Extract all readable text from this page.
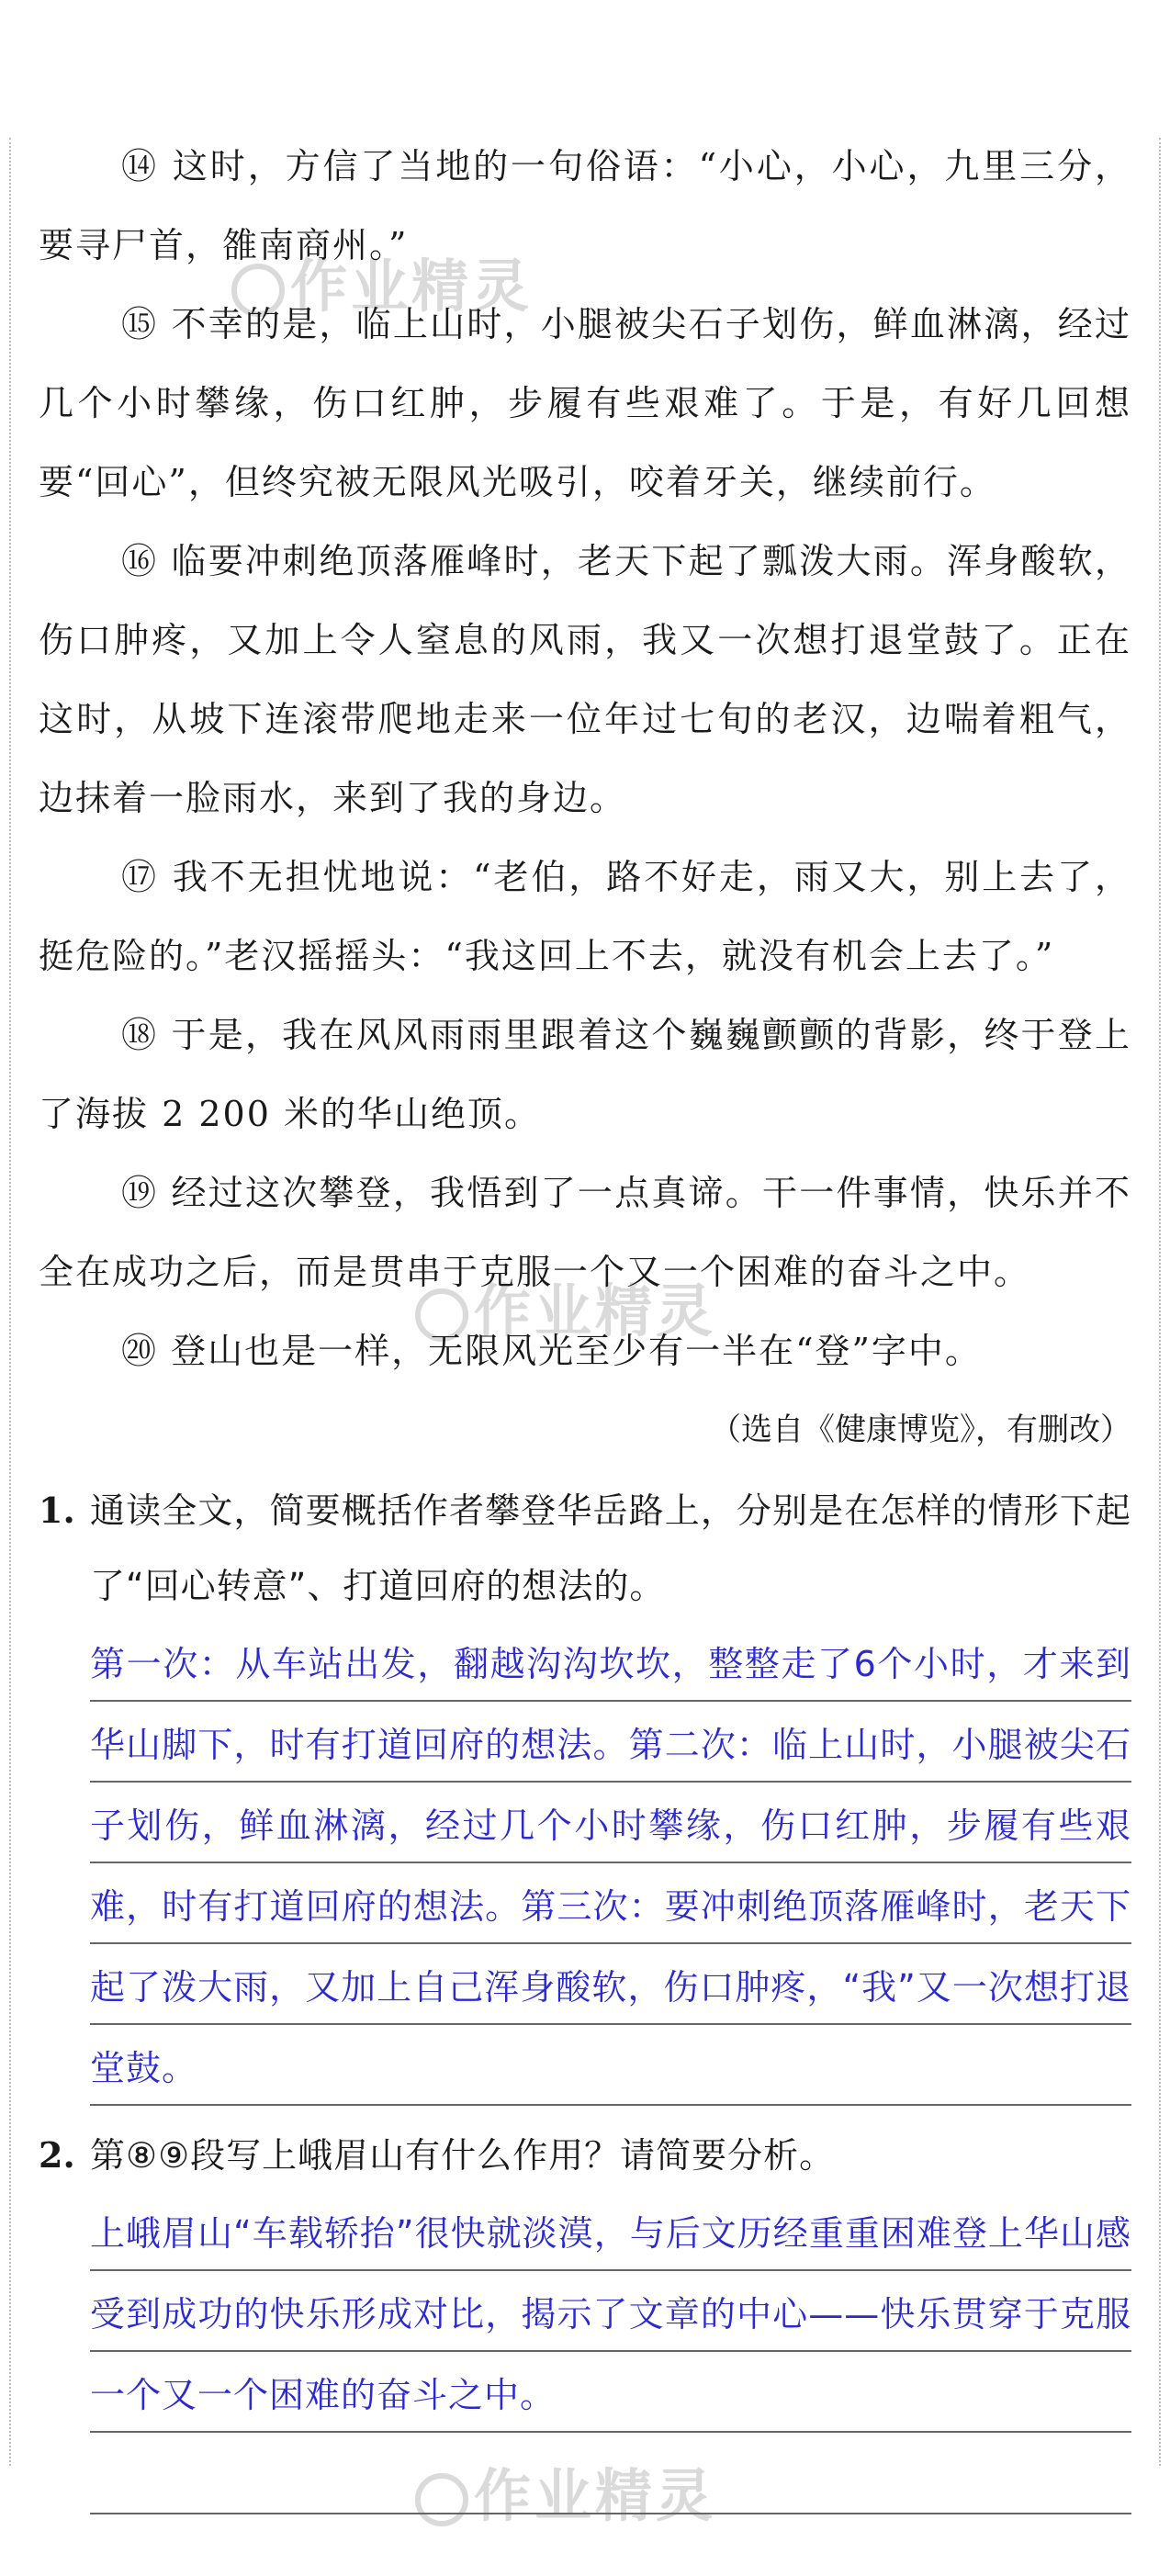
作业精灵
作业精灵
作业精灵

⑭ 这时，方信了当地的一句俗语：“小心，小心，九里三分，要寻尸首，雒南商州。”

⑮ 不幸的是，临上山时，小腿被尖石子划伤，鲜血淋漓，经过几个小时攀缘，伤口红肿，步履有些艰难了。于是，有好几回想要“回心”，但终究被无限风光吸引，咬着牙关，继续前行。

⑯ 临要冲刺绝顶落雁峰时，老天下起了瓢泼大雨。浑身酸软，伤口肿疼，又加上令人窒息的风雨，我又一次想打退堂鼓了。正在这时，从坡下连滚带爬地走来一位年过七旬的老汉，边喘着粗气，边抹着一脸雨水，来到了我的身边。

⑰ 我不无担忧地说：“老伯，路不好走，雨又大，别上去了，挺危险的。”老汉摇摇头：“我这回上不去，就没有机会上去了。”

⑱ 于是，我在风风雨雨里跟着这个巍巍颤颤的背影，终于登上了海拔 2 200 米的华山绝顶。

⑲ 经过这次攀登，我悟到了一点真谛。干一件事情，快乐并不全在成功之后，而是贯串于克服一个又一个困难的奋斗之中。

⑳ 登山也是一样，无限风光至少有一半在“登”字中。

（选自《健康博览》，有删改）

1. 通读全文，简要概括作者攀登华岳路上，分别是在怎样的情形下起了“回心转意”、打道回府的想法的。
第一次：从车站出发，翻越沟沟坎坎，整整走了6个小时，才来到华山脚下，时有打道回府的想法。第二次：临上山时，小腿被尖石子划伤，鲜血淋漓，经过几个小时攀缘，伤口红肿，步履有些艰难，时有打道回府的想法。第三次：要冲刺绝顶落雁峰时，老天下起了泼大雨，又加上自己浑身酸软，伤口肿疼，“我”又一次想打退堂鼓。
2. 第⑧⑨段写上峨眉山有什么作用？请简要分析。
上峨眉山“车载轿抬”很快就淡漠，与后文历经重重困难登上华山感受到成功的快乐形成对比，揭示了文章的中心——快乐贯穿于克服一个又一个困难的奋斗之中。
